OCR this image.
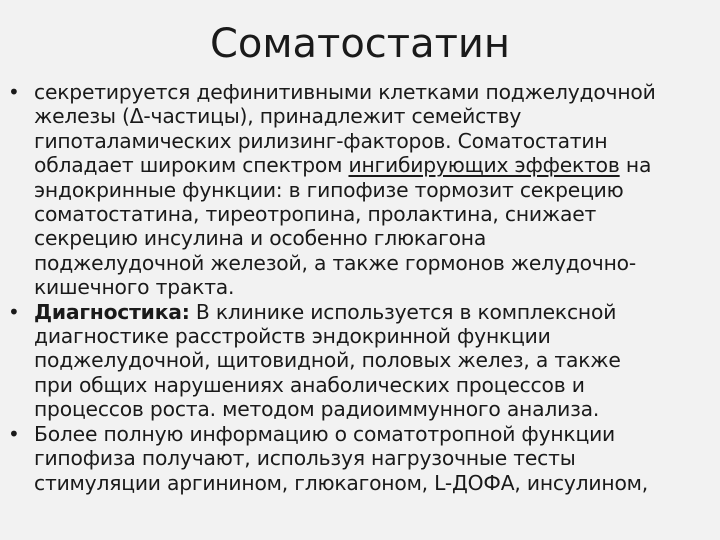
Соматостатин
• секретируется дефинитивными клетками поджелудочной
железы (Δ-частицы), принадлежит семейству
гипоталамических рилизинг-факторов. Соматостатин
обладает широким спектром ингибирующих эффектов на
эндокринные функции: в гипофизе тормозит секрецию
соматостатина, тиреотропина, пролактина, снижает
секрецию инсулина и особенно глюкагона
поджелудочной железой, а также гормонов желудочно-
кишечного тракта.
• Диагностика: В клинике используется в комплексной
диагностике расстройств эндокринной функции
поджелудочной, щитовидной, половых желез, а также
при общих нарушениях анаболических процессов и
процессов роста. методом радиоиммунного анализа.
• Более полную информацию о соматотропной функции
гипофиза получают, используя нагрузочные тесты
стимуляции аргинином, глюкагоном, L-ДОФА, инсулином,
